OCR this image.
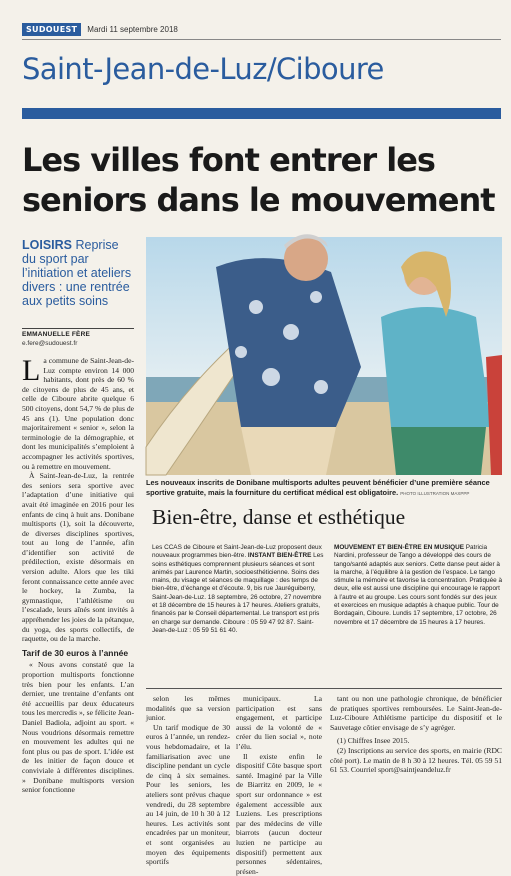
SUDOUEST	Mardi 11 septembre 2018
Saint-Jean-de-Luz/Ciboure
Les villes font entrer les seniors dans le mouvement
LOISIRS Reprise du sport par l’initiation et ateliers divers : une rentrée aux petits soins
EMMANUELLE FÈRE
e.fere@sudouest.fr

La commune de Saint-Jean-de-Luz compte environ 14 000 habitants, dont près de 60 % de citoyens de plus de 45 ans, et celle de Ciboure abrite quelque 6 500 citoyens, dont 54,7 % de plus de 45 ans (1). Une population donc majoritairement « senior », selon la terminologie de la démographie, et dont les municipalités s’emploient à accompagner les activités sportives, ou à remettre en mouvement.

À Saint-Jean-de-Luz, la rentrée des seniors sera sportive avec l’adaptation d’une initiative qui avait été imaginée en 2016 pour les enfants de cinq à huit ans. Donibane multisports (1), soit la découverte, de diverses disciplines sportives, tout au long de l’année, afin d’identifier son activité de prédilection, existe désormais en version adulte. Alors que les tiki feront connaissance cette année avec le hockey, la Zumba, la gymnastique, l’athlétisme ou l’escalade, leurs aînés sont invités à appréhender les joies de la pétanque, du yoga, des sports collectifs, de raquette, ou de la marche.

Tarif de 30 euros à l’année

« Nous avons constaté que la proportion multisports fonctionne très bien pour les enfants. L’an dernier, une trentaine d’enfants ont été accueillis par deux éducateurs tous les mercredis », se félicite Jean-Daniel Badiola, adjoint au sport. « Nous voudrions désormais remettre en mouvement les adultes qui ne font plus ou pas de sport. L’idée est de les initier de façon douce et conviviale à différentes disciplines. » Donibane multisports version senior fonctionne

Les nouveaux inscrits de Donibane multisports adultes peuvent bénéficier d’une première séance sportive gratuite, mais la fourniture du certificat médical est obligatoire. PHOTO ILLUSTRATION MAXPPP
Bien-être, danse et esthétique
Les CCAS de Ciboure et Saint-Jean-de-Luz proposent deux nouveaux programmes bien-être. INSTANT BIEN-ÊTRE Les soins esthétiques comprennent plusieurs séances et sont animés par Laurence Martin, socioesthéticienne. Soins des mains, du visage et séances de maquillage : des temps de bien-être, d’échange et d’écoute. 9, bis rue Jauréguiberry, Saint-Jean-de-Luz. 18 septembre, 26 octobre, 27 novembre et 18 décembre de 15 heures à 17 heures. Ateliers gratuits, financés par le Conseil départemental. Le transport est pris en charge sur demande. Ciboure : 05 59 47 92 87. Saint-Jean-de-Luz : 05 59 51 61 40.
MOUVEMENT ET BIEN-ÊTRE EN MUSIQUE Patricia Nardini, professeur de Tango a développé des cours de tango/santé adaptés aux seniors. Cette danse peut aider à la marche, à l’équilibre à la gestion de l’espace. Le tango stimule la mémoire et favorise la concentration. Pratiquée à deux, elle est aussi une discipline qui encourage le rapport à l’autre et au groupe. Les cours sont fondés sur des jeux et exercices en musique adaptés à chaque public. Tour de Bordagain, Ciboure. Lundis 17 septembre, 17 octobre, 26 novembre et 17 décembre de 15 heures à 17 heures.

selon les mêmes modalités que sa version junior.

Un tarif modique de 30 euros à l’année, un rendez-vous hebdomadaire, et la familiarisation avec une discipline pendant un cycle de cinq à six semaines. Pour les seniors, les ateliers sont prévus chaque vendredi, du 28 septembre au 14 juin, de 10 h 30 à 12 heures. Les activités sont encadrées par un moniteur, et sont organisées au moyen des équipements sportifs

municipaux. La participation est sans engagement, et participe aussi de la volonté de « créer du lien social », note l’élu.

Il existe enfin le dispositif Côte basque sport santé. Imaginé par la Ville de Biarritz en 2009, le « sport sur ordonnance » est également accessible aux Luziens. Les prescriptions par des médecins de ville biarrots (aucun docteur luzien ne participe au dispositif) permettent aux personnes sédentaires, présen-

tant ou non une pathologie chronique, de bénéficier de pratiques sportives remboursées. Le Saint-Jean-de-Luz-Ciboure Athlétisme participe du dispositif et le Sauvetage côtier envisage de s’y agréger.

(1) Chiffres Insee 2015.

(2) Inscriptions au service des sports, en mairie (RDC côté port). Le matin de 8 h 30 à 12 heures. Tél. 05 59 51 61 53. Courriel sport@saintjeandeluz.fr
